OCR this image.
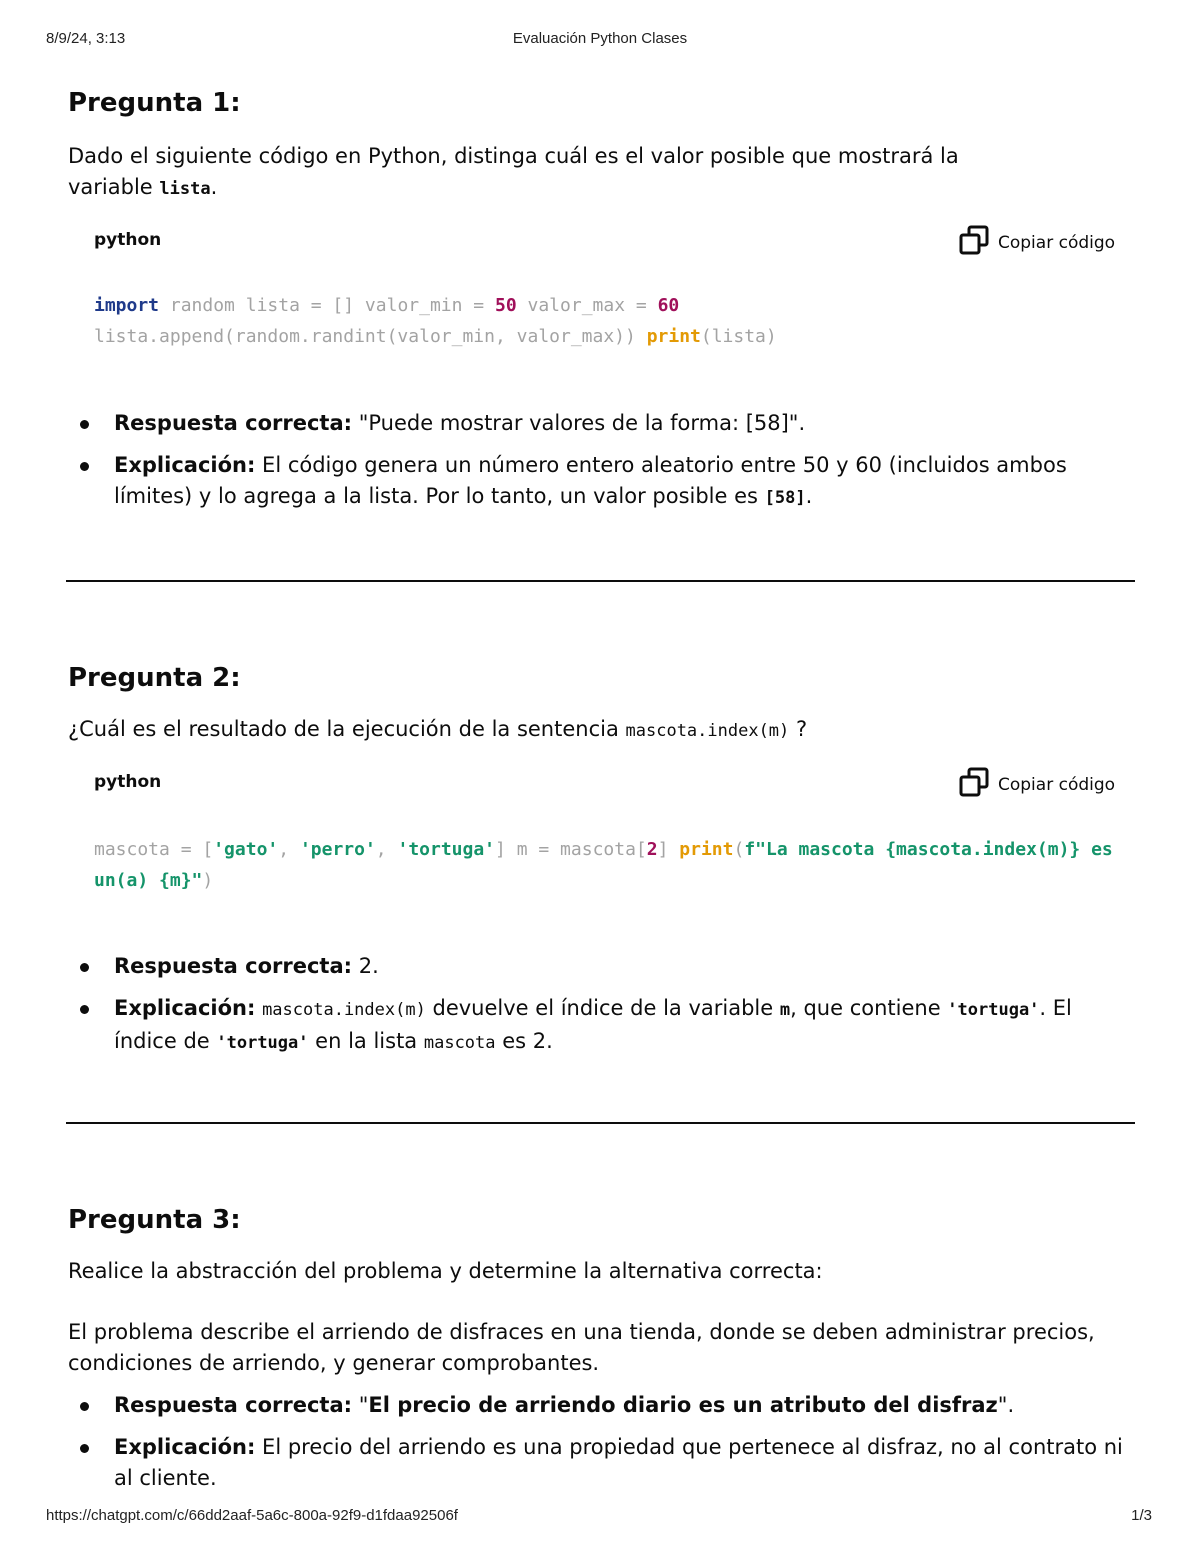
8/9/24, 3:13	Evaluación Python Clases
Pregunta 1:
Dado el siguiente código en Python, distinga cuál es el valor posible que mostrará la
variable lista.
python	Copiar código
import random lista = [] valor_min = 50 valor_max = 60
lista.append(random.randint(valor_min, valor_max)) print(lista)
Respuesta correcta: "Puede mostrar valores de la forma: [58]".
Explicación: El código genera un número entero aleatorio entre 50 y 60 (incluidos ambos límites) y lo agrega a la lista. Por lo tanto, un valor posible es [58].
Pregunta 2:
¿Cuál es el resultado de la ejecución de la sentencia mascota.index(m) ?
python	Copiar código
mascota = ['gato', 'perro', 'tortuga'] m = mascota[2] print(f"La mascota {mascota.index(m)} es un(a) {m}")
Respuesta correcta: 2.
Explicación: mascota.index(m) devuelve el índice de la variable m, que contiene 'tortuga'. El índice de 'tortuga' en la lista mascota es 2.
Pregunta 3:
Realice la abstracción del problema y determine la alternativa correcta:
El problema describe el arriendo de disfraces en una tienda, donde se deben administrar precios, condiciones de arriendo, y generar comprobantes.
Respuesta correcta: "El precio de arriendo diario es un atributo del disfraz".
Explicación: El precio del arriendo es una propiedad que pertenece al disfraz, no al contrato ni al cliente.
https://chatgpt.com/c/66dd2aaf-5a6c-800a-92f9-d1fdaa92506f	1/3
